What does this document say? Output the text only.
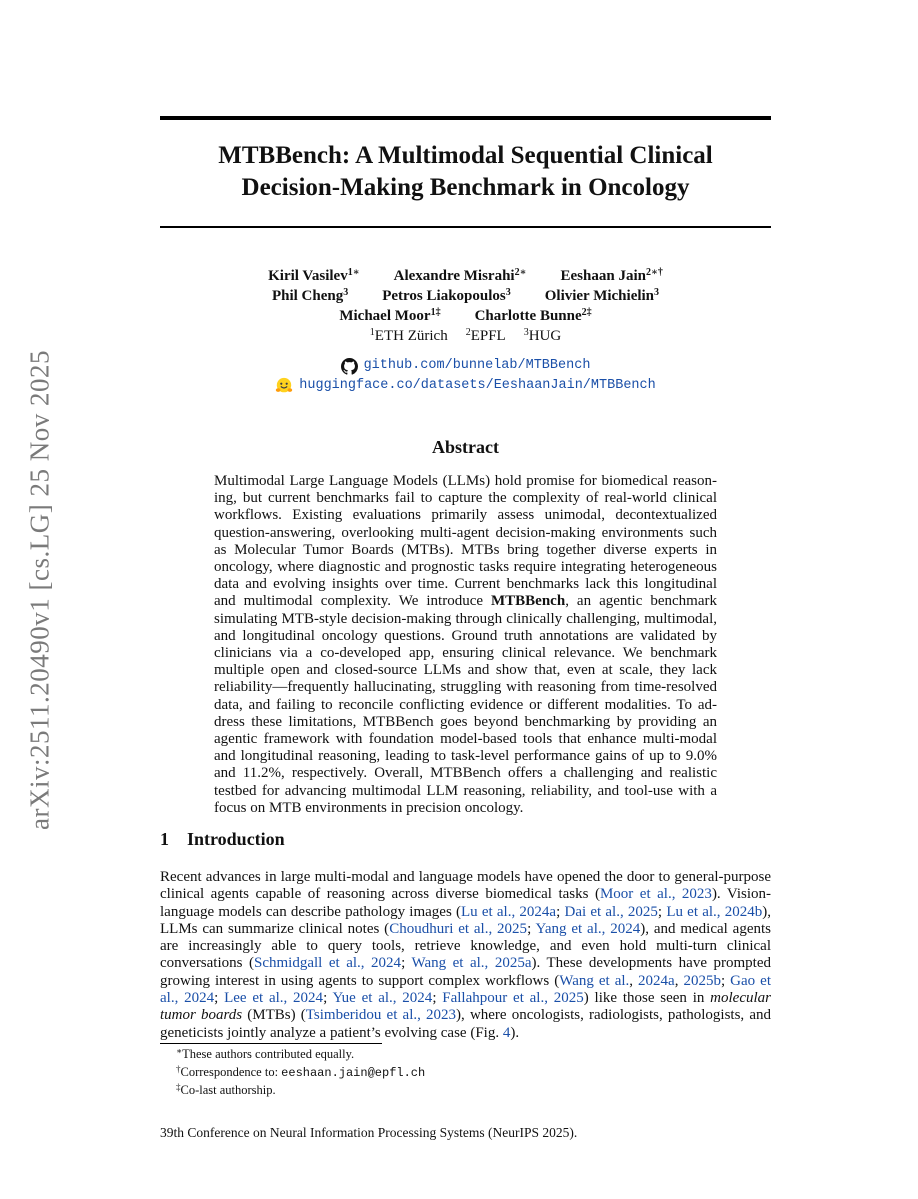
arXiv:2511.20490v1 [cs.LG] 25 Nov 2025
MTBBench: A Multimodal Sequential Clinical
Decision-Making Benchmark in Oncology
Kiril Vasilev$^{1∗}$ Alexandre Misrahi$^{2∗}$ Eeshaan Jain$^{2∗\dagger}$
Phil Cheng$^3$ Petros Liakopoulos$^3$ Olivier Michielin$^3$
Michael Moor$^{1\ddagger}$ Charlotte Bunne$^{2\ddagger}$
$^1$ETH Zürich $^2$EPFL $^3$HUG
github.com/bunnelab/MTBBench
huggingface.co/datasets/EeshaanJain/MTBBench
Abstract
Multimodal Large Language Models (LLMs) hold promise for biomedical reason- ing, but current benchmarks fail to capture the complexity of real-world clinical workflows. Existing evaluations primarily assess unimodal, decontextualized question-answering, overlooking multi-agent decision-making environments such as Molecular Tumor Boards (MTBs). MTBs bring together diverse experts in oncology, where diagnostic and prognostic tasks require integrating heterogeneous data and evolving insights over time. Current benchmarks lack this longitudinal and multimodal complexity. We introduce MTBBench, an agentic benchmark simulating MTB-style decision-making through clinically challenging, multimodal, and longitudinal oncology questions. Ground truth annotations are validated by clinicians via a co-developed app, ensuring clinical relevance. We benchmark multiple open and closed-source LLMs and show that, even at scale, they lack reliability—frequently hallucinating, struggling with reasoning from time-resolved data, and failing to reconcile conflicting evidence or different modalities. To ad- dress these limitations, MTBBench goes beyond benchmarking by providing an agentic framework with foundation model-based tools that enhance multi-modal and longitudinal reasoning, leading to task-level performance gains of up to 9.0% and 11.2%, respectively. Overall, MTBBench offers a challenging and realistic testbed for advancing multimodal LLM reasoning, reliability, and tool-use with a focus on MTB environments in precision oncology.
1 Introduction
Recent advances in large multi-modal and language models have opened the door to general-purpose clinical agents capable of reasoning across diverse biomedical tasks (Moor et al., 2023). Vision- language models can describe pathology images (Lu et al., 2024a; Dai et al., 2025; Lu et al., 2024b), LLMs can summarize clinical notes (Choudhuri et al., 2025; Yang et al., 2024), and medical agents are increasingly able to query tools, retrieve knowledge, and even hold multi-turn clinical conversations (Schmidgall et al., 2024; Wang et al., 2025a). These developments have prompted growing interest in using agents to support complex workflows (Wang et al., 2024a, 2025b; Gao et al., 2024; Lee et al., 2024; Yue et al., 2024; Fallahpour et al., 2025) like those seen in molecular tumor boards (MTBs) (Tsimberidou et al., 2023), where oncologists, radiologists, pathologists, and geneticists jointly analyze a patient’s evolving case (Fig. 4).
∗These authors contributed equally.
†Correspondence to: eeshaan.jain@epfl.ch
‡Co-last authorship.
39th Conference on Neural Information Processing Systems (NeurIPS 2025).
